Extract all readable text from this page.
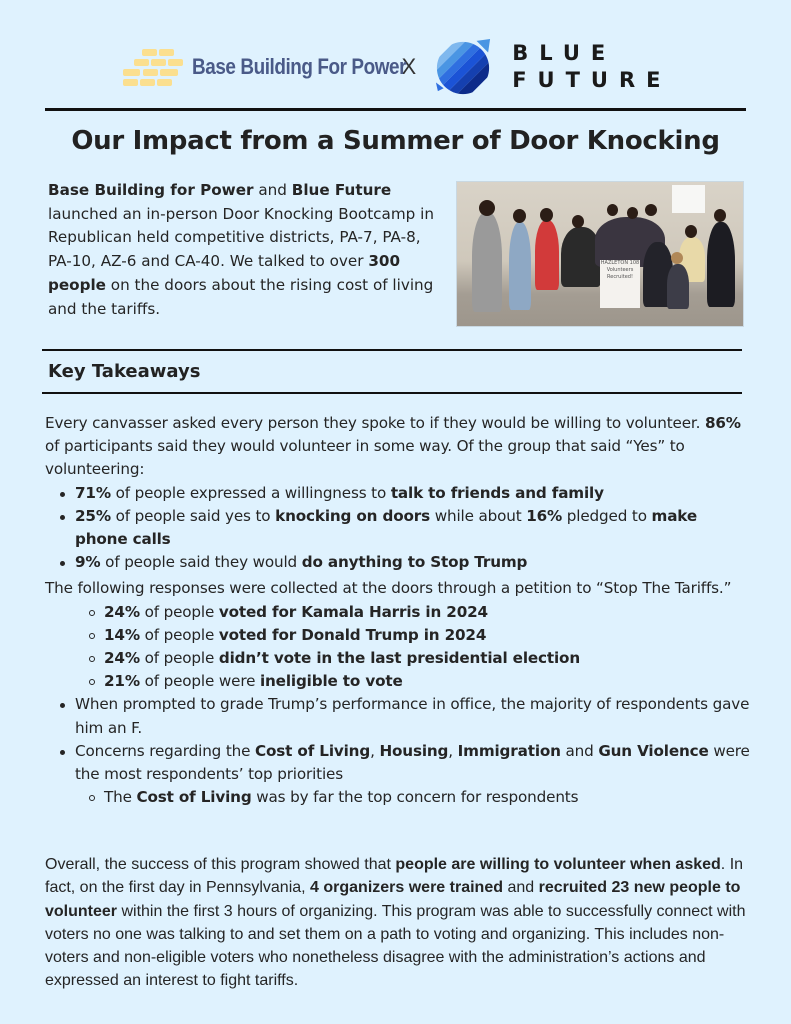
Base Building For Power
X
BLUE
FUTURE
Our Impact from a Summer of Door Knocking
Base Building for Power and Blue Future launched an in-person Door Knocking Bootcamp in Republican held competitive districts, PA-7, PA-8, PA-10, AZ-6 and CA-40. We talked to over 300 people on the doors about the rising cost of living and the tariffs.
HAZLETON 108 Volunteers Recruited!
Key Takeaways

Every canvasser asked every person they spoke to if they would be willing to volunteer. 86% of participants said they would volunteer in some way. Of the group that said “Yes” to volunteering:

71% of people expressed a willingness to talk to friends and family
25% of people said yes to knocking on doors while about 16% pledged to make phone calls
9% of people said they would do anything to Stop Trump

The following responses were collected at the doors through a petition to “Stop The Tariffs.”

24% of people voted for Kamala Harris in 2024
14% of people voted for Donald Trump in 2024
24% of people didn’t vote in the last presidential election
21% of people were ineligible to vote
When prompted to grade Trump’s performance in office, the majority of respondents gave him an F.
Concerns regarding the Cost of Living, Housing, Immigration and Gun Violence were the most respondents’ top priorities
The Cost of Living was by far the top concern for respondents
Overall, the success of this program showed that people are willing to volunteer when asked. In fact, on the first day in Pennsylvania, 4 organizers were trained and recruited 23 new people to volunteer within the first 3 hours of organizing. This program was able to successfully connect with voters no one was talking to and set them on a path to voting and organizing. This includes non-voters and non-eligible voters who nonetheless disagree with the administration’s actions and expressed an interest to fight tariffs.
